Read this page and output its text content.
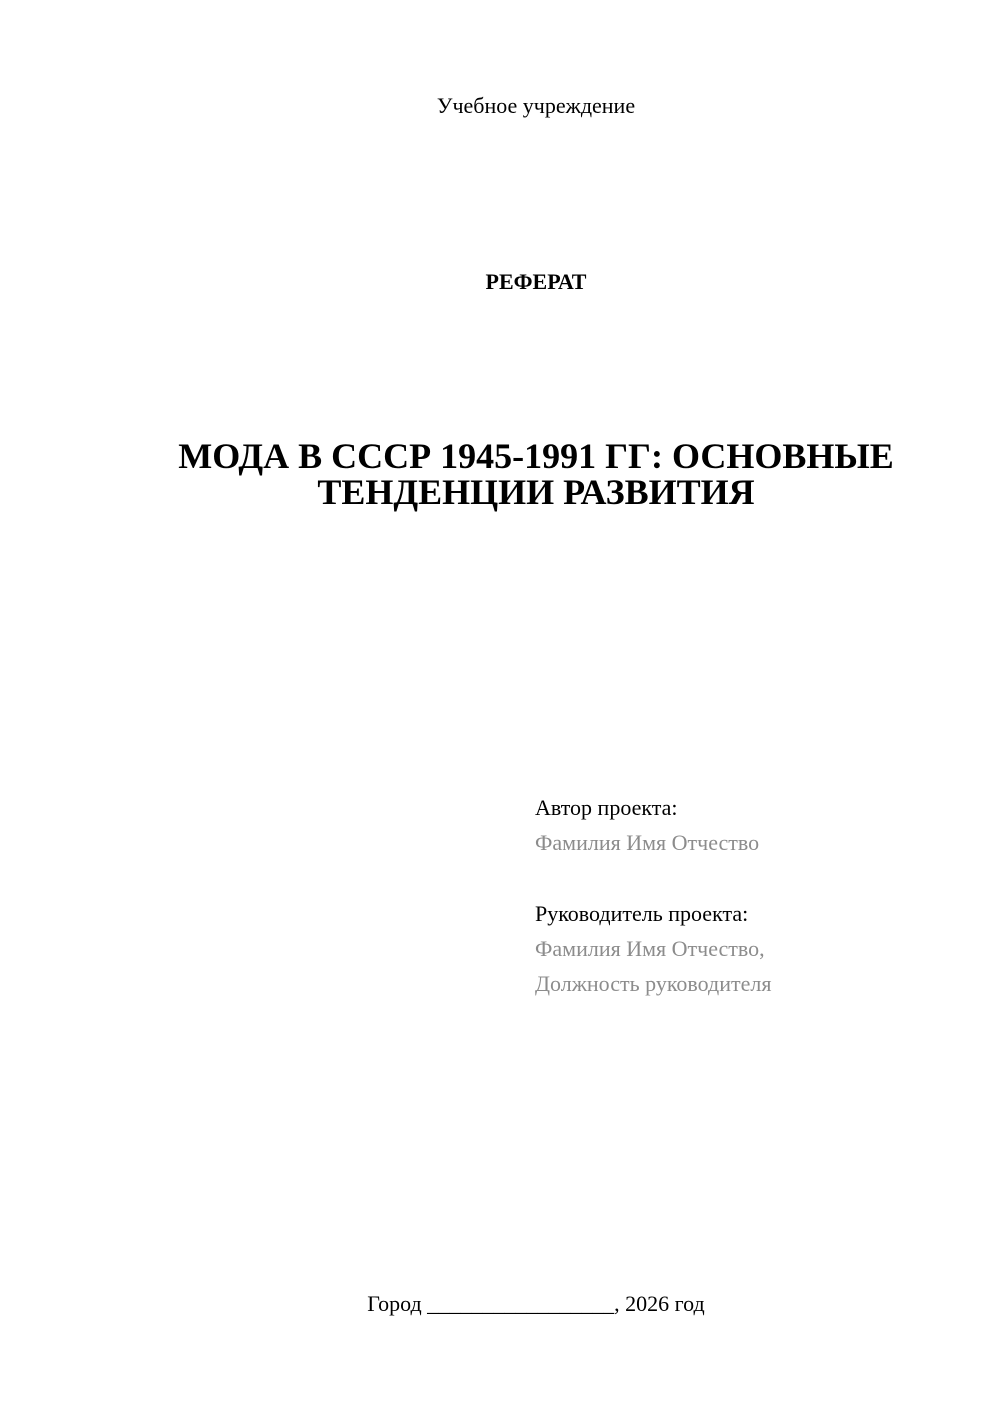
Учебное учреждение
РЕФЕРАТ
МОДА В СССР 1945-1991 ГГ: ОСНОВНЫЕ ТЕНДЕНЦИИ РАЗВИТИЯ
Автор проекта:
Фамилия Имя Отчество
Руководитель проекта:
Фамилия Имя Отчество,
Должность руководителя
Город _________________, 2026 год
